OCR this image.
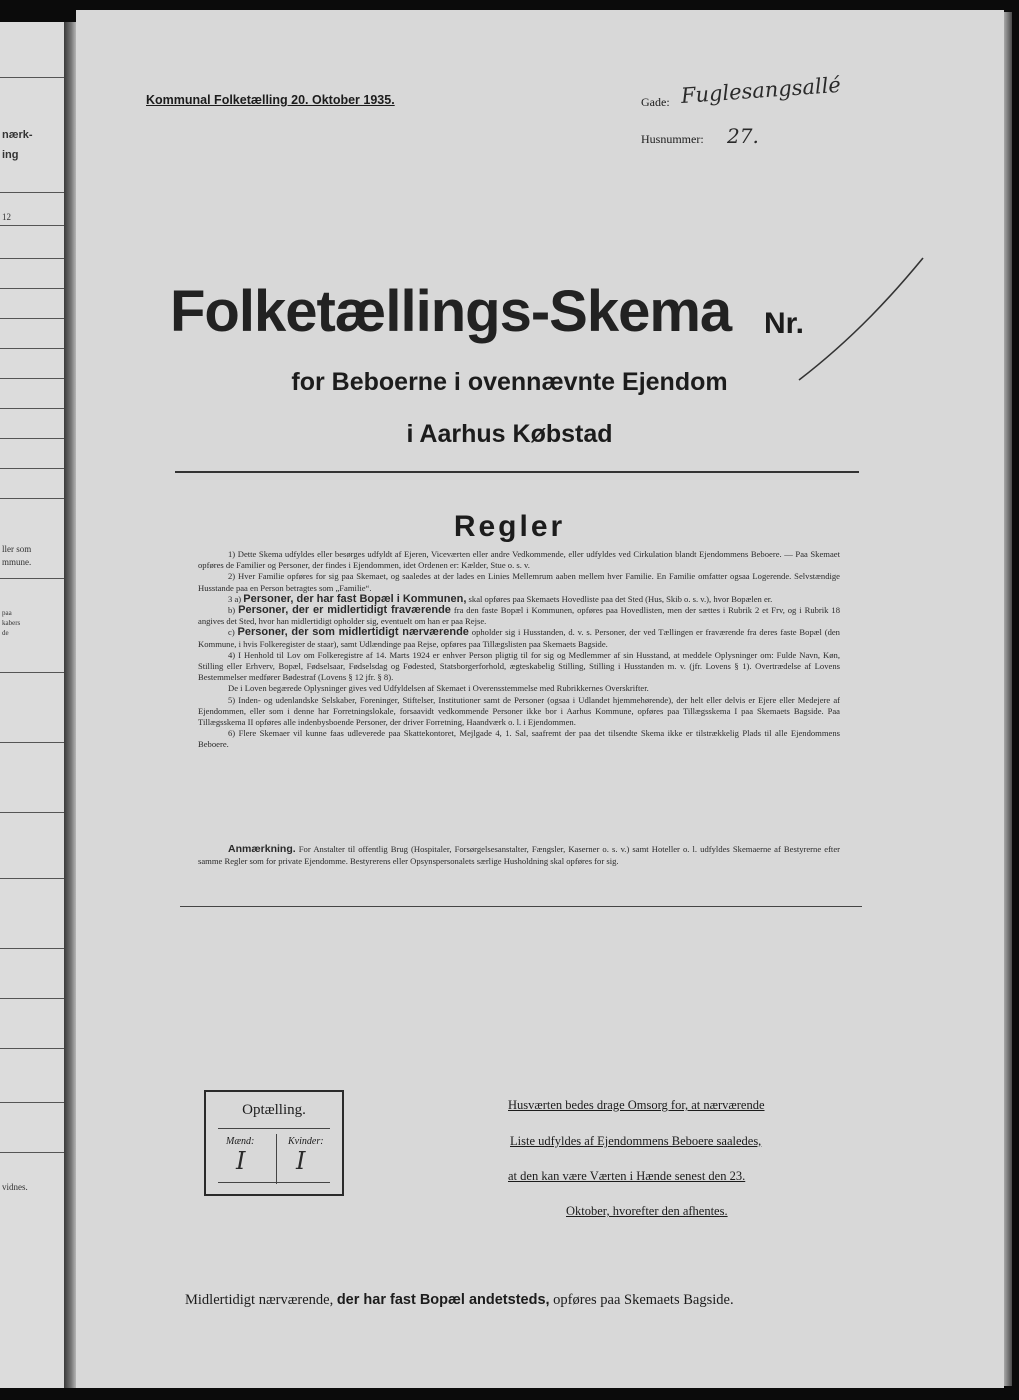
nærk-
ing
12
ller som
mmune.
paa
kabers
de
vidnes.
Kommunal Folketælling 20. Oktober 1935.	Gade: Fuglesangsallé
Husnummer: 27.
Folketællings-Skema Nr.
for Beboerne i ovennævnte Ejendom
i Aarhus Købstad
Regler

1) Dette Skema udfyldes eller besørges udfyldt af Ejeren, Viceværten eller andre Vedkommende, eller udfyldes ved Cirkulation blandt Ejendommens Beboere. — Paa Skemaet opføres de Familier og Personer, der findes i Ejendommen, idet Ordenen er: Kælder, Stue o. s. v.

2) Hver Familie opføres for sig paa Skemaet, og saaledes at der lades en Linies Mellemrum aaben mellem hver Familie. En Familie omfatter ogsaa Logerende. Selvstændige Husstande paa en Person betragtes som „Familie“.

3 a) Personer, der har fast Bopæl i Kommunen, skal opføres paa Skemaets Hovedliste paa det Sted (Hus, Skib o. s. v.), hvor Bopælen er.

b) Personer, der er midlertidigt fraværende fra den faste Bopæl i Kommunen, opføres paa Hovedlisten, men der sættes i Rubrik 2 et Frv, og i Rubrik 18 angives det Sted, hvor han midlertidigt opholder sig, eventuelt om han er paa Rejse.

c) Personer, der som midlertidigt nærværende opholder sig i Husstanden, d. v. s. Personer, der ved Tællingen er fraværende fra deres faste Bopæl (den Kommune, i hvis Folkeregister de staar), samt Udlændinge paa Rejse, opføres paa Tillægslisten paa Skemaets Bagside.

4) I Henhold til Lov om Folkeregistre af 14. Marts 1924 er enhver Person pligtig til for sig og Medlemmer af sin Husstand, at meddele Oplysninger om: Fulde Navn, Køn, Stilling eller Erhverv, Bopæl, Fødselsaar, Fødselsdag og Fødested, Statsborgerforhold, ægteskabelig Stilling, Stilling i Husstanden m. v. (jfr. Lovens § 1). Overtrædelse af Lovens Bestemmelser medfører Bødestraf (Lovens § 12 jfr. § 8).

De i Loven begærede Oplysninger gives ved Udfyldelsen af Skemaet i Overensstemmelse med Rubrikkernes Overskrifter.

5) Inden- og udenlandske Selskaber, Foreninger, Stiftelser, Institutioner samt de Personer (ogsaa i Udlandet hjemmehørende), der helt eller delvis er Ejere eller Medejere af Ejendommen, eller som i denne har Forretningslokale, forsaavidt vedkommende Personer ikke bor i Aarhus Kommune, opføres paa Tillægsskema I paa Skemaets Bagside. Paa Tillægsskema II opføres alle indenbysboende Personer, der driver Forretning, Haandværk o. l. i Ejendommen.

6) Flere Skemaer vil kunne faas udleverede paa Skattekontoret, Mejlgade 4, 1. Sal, saafremt der paa det tilsendte Skema ikke er tilstrækkelig Plads til alle Ejendommens Beboere.

Anmærkning. For Anstalter til offentlig Brug (Hospitaler, Forsørgelsesanstalter, Fængsler, Kaserner o. s. v.) samt Hoteller o. l. udfyldes Skemaerne af Bestyrerne efter samme Regler som for private Ejendomme. Bestyrerens eller Opsynspersonalets særlige Husholdning skal opføres for sig.
Optælling.
Mænd:	Kvinder:
I I
Husværten bedes drage Omsorg for, at nærværende
Liste udfyldes af Ejendommens Beboere saaledes,
at den kan være Værten i Hænde senest den 23.
Oktober, hvorefter den afhentes.
Midlertidigt nærværende, der har fast Bopæl andetsteds, opføres paa Skemaets Bagside.
